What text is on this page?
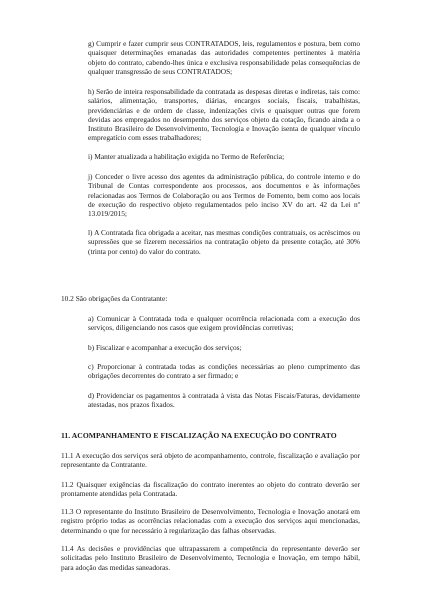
g) Cumprir e fazer cumprir seus CONTRATADOS, leis, regulamentos e postura, bem como quaisquer determinações emanadas das autoridades competentes pertinentes à matéria objeto do contrato, cabendo-lhes única e exclusiva responsabilidade pelas consequências de qualquer transgressão de seus CONTRATADOS;

h) Serão de inteira responsabilidade da contratada as despesas diretas e indiretas, tais como: salários, alimentação, transportes, diárias, encargos sociais, fiscais, trabalhistas, previdenciárias e de ordem de classe, indenizações civis e quaisquer outras que forem devidas aos empregados no desempenho dos serviços objeto da cotação, ficando ainda a o Instituto Brasileiro de Desenvolvimento, Tecnologia e Inovação isenta de qualquer vínculo empregatício com esses trabalhadores;

i) Manter atualizada a habilitação exigida no Termo de Referência;

j) Conceder o livre acesso dos agentes da administração pública, do controle interno e do Tribunal de Contas correspondente aos processos, aos documentos e às informações relacionadas aos Termos de Colaboração ou aos Termos de Fomento, bem como aos locais de execução do respectivo objeto regulamentados pelo inciso XV do art. 42 da Lei nº 13.019/2015;

l) A Contratada fica obrigada a aceitar, nas mesmas condições contratuais, os acréscimos ou supressões que se fizerem necessários na contratação objeto da presente cotação, até 30% (trinta por cento) do valor do contrato.

10.2 São obrigações da Contratante:

a) Comunicar à Contratada toda e qualquer ocorrência relacionada com a execução dos serviços, diligenciando nos casos que exigem providências corretivas;

b) Fiscalizar e acompanhar a execução dos serviços;

c) Proporcionar à contratada todas as condições necessárias ao pleno cumprimento das obrigações decorrentes do contrato a ser firmado; e

d) Providenciar os pagamentos à contratada à vista das Notas Fiscais/Faturas, devidamente atestadas, nos prazos fixados.

11. ACOMPANHAMENTO E FISCALIZAÇÃO NA EXECUÇÃO DO CONTRATO

11.1 A execução dos serviços será objeto de acompanhamento, controle, fiscalização e avaliação por representante da Contratante.

11.2 Quaisquer exigências da fiscalização do contrato inerentes ao objeto do contrato deverão ser prontamente atendidas pela Contratada.

11.3 O representante do Instituto Brasileiro de Desenvolvimento, Tecnologia e Inovação anotará em registro próprio todas as ocorrências relacionadas com a execução dos serviços aqui mencionadas, determinando o que for necessário à regularização das falhas observadas.

11.4 As decisões e providências que ultrapassarem a competência do representante deverão ser solicitadas pelo Instituto Brasileiro de Desenvolvimento, Tecnologia e Inovação, em tempo hábil, para adoção das medidas saneadoras.
